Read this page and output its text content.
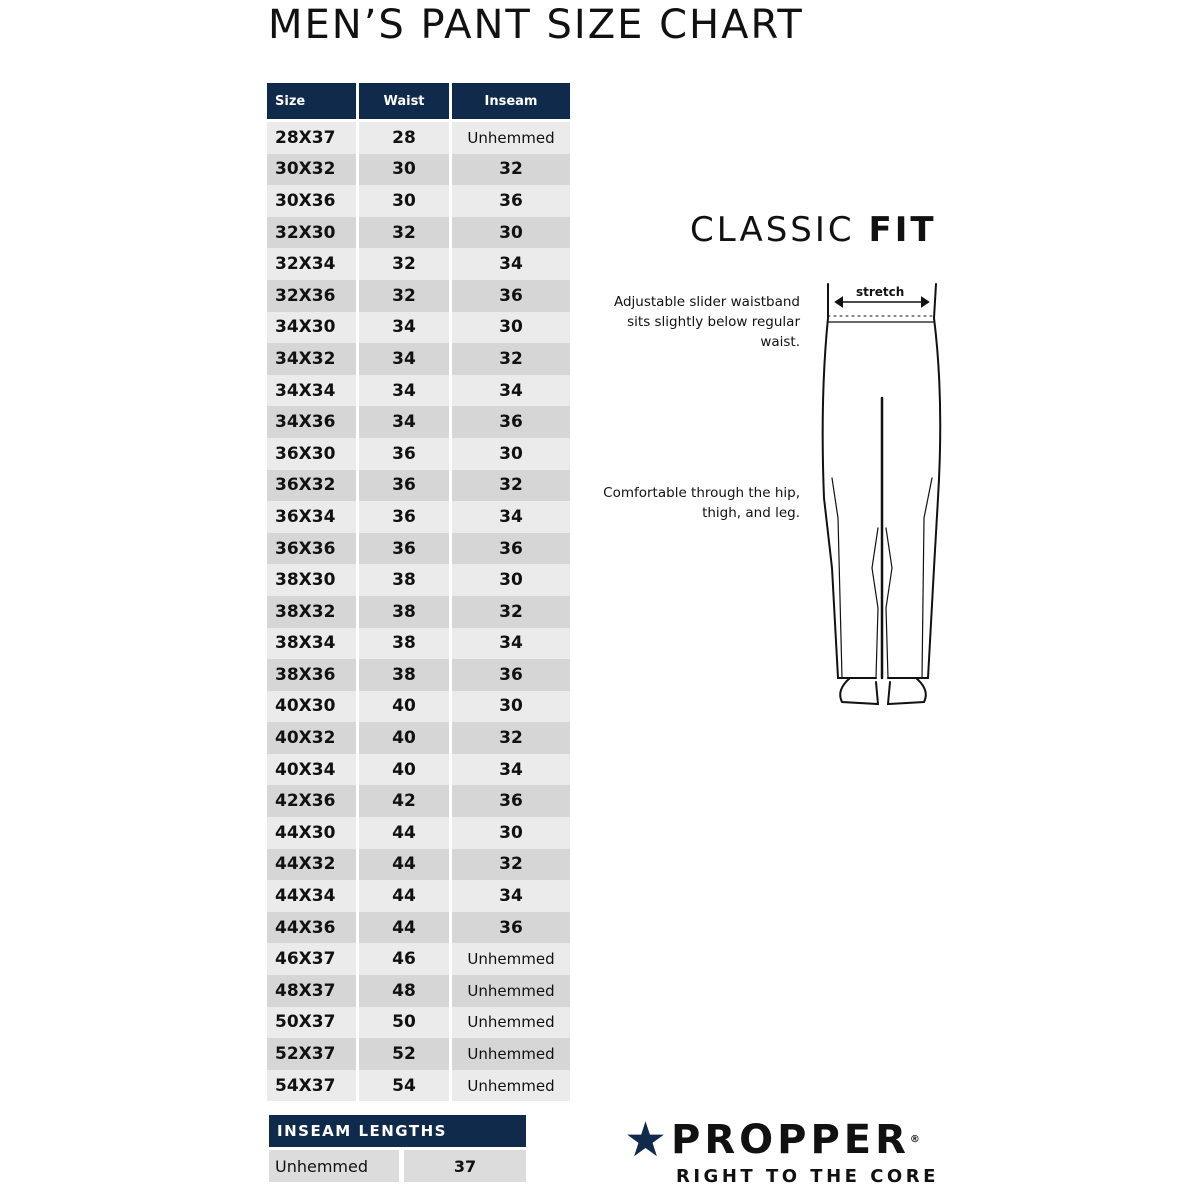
MEN’S PANT SIZE CHART
Size	Waist	Inseam
28X37	28	Unhemmed
30X32	30	32
30X36	30	36
32X30	32	30
32X34	32	34
32X36	32	36
34X30	34	30
34X32	34	32
34X34	34	34
34X36	34	36
36X30	36	30
36X32	36	32
36X34	36	34
36X36	36	36
38X30	38	30
38X32	38	32
38X34	38	34
38X36	38	36
40X30	40	30
40X32	40	32
40X34	40	34
42X36	42	36
44X30	44	30
44X32	44	32
44X34	44	34
44X36	44	36
46X37	46	Unhemmed
48X37	48	Unhemmed
50X37	50	Unhemmed
52X37	52	Unhemmed
54X37	54	Unhemmed
INSEAM LENGTHS
Unhemmed	37
CLASSIC FIT
Adjustable slider waistband sits slightly below regular waist.
Comfortable through the hip, thigh, and leg.
stretch
★ PROPPER®
RIGHT TO THE CORE
